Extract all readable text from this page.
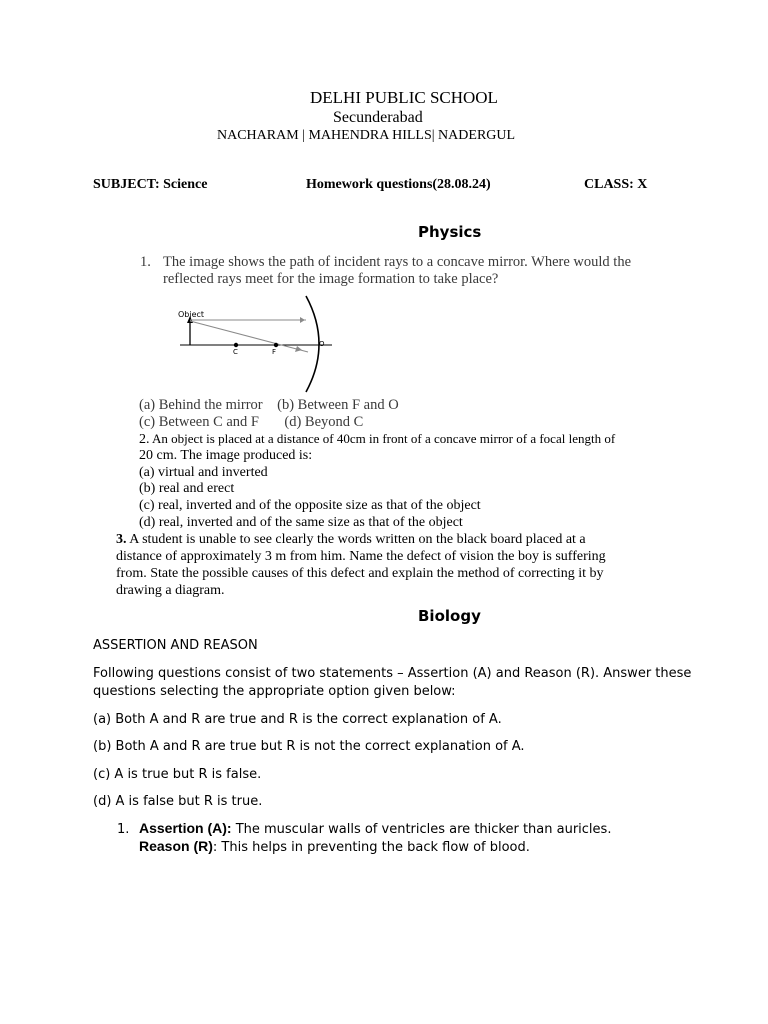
DELHI PUBLIC SCHOOL
Secunderabad
NACHARAM | MAHENDRA HILLS| NADERGUL
SUBJECT: Science	Homework questions(28.08.24)	CLASS: X
Physics
1. The image shows the path of incident rays to a concave mirror. Where would the
reflected rays meet for the image formation to take place?
Object
C	F
O
(a) Behind the mirror    (b) Between F and O
(c) Between C and F       (d) Beyond C
2. An object is placed at a distance of 40cm in front of a concave mirror of a focal length of
20 cm. The image produced is:
(a) virtual and inverted
(b) real and erect
(c) real, inverted and of the opposite size as that of the object
(d) real, inverted and of the same size as that of the object
3. A student is unable to see clearly the words written on the black board placed at a
distance of approximately 3 m from him. Name the defect of vision the boy is suffering
from. State the possible causes of this defect and explain the method of correcting it by
drawing a diagram.
Biology
ASSERTION AND REASON
Following questions consist of two statements – Assertion (A) and Reason (R). Answer these
questions selecting the appropriate option given below:
(a) Both A and R are true and R is the correct explanation of A.
(b) Both A and R are true but R is not the correct explanation of A.
(c) A is true but R is false.
(d) A is false but R is true.
1. Assertion (A): The muscular walls of ventricles are thicker than auricles.
Reason (R): This helps in preventing the back flow of blood.
